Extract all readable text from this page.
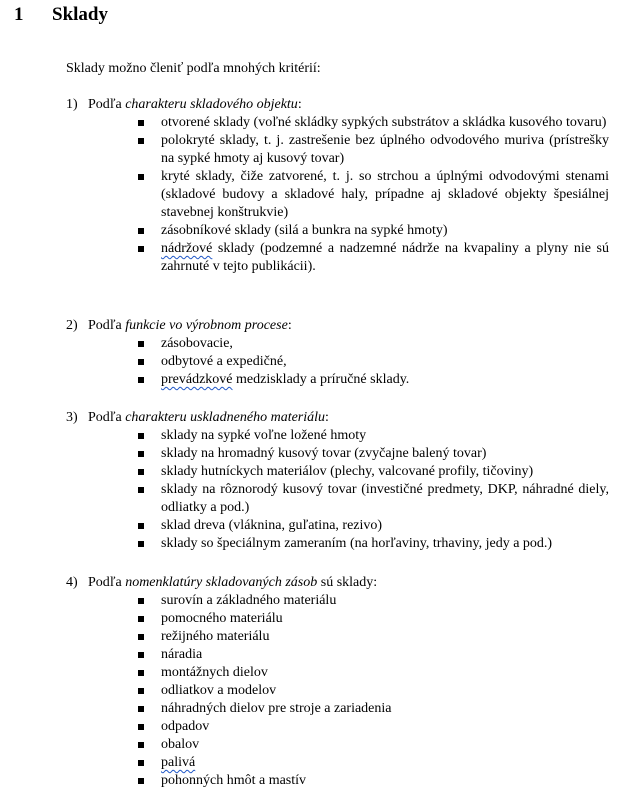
1 Sklady
Sklady možno členiť podľa mnohých kritérií:
1) Podľa charakteru skladového objektu:
otvorené sklady (voľné skládky sypkých substrátov a skládka kusového tovaru)
polokryté sklady, t. j. zastrešenie bez úplného odvodového muriva (prístrešky na sypké hmoty aj kusový tovar)
kryté sklady, čiže zatvorené, t. j. so strchou a úplnými odvodovými stenami (skladové budovy a skladové haly, prípadne aj skladové objekty špesiálnej stavebnej konštrukvie)
zásobníkové sklady (silá a bunkra na sypké hmoty)
nádržové sklady (podzemné a nadzemné nádrže na kvapaliny a plyny nie sú zahrnuté v tejto publikácii).
2) Podľa funkcie vo výrobnom procese:
zásobovacie,
odbytové a expedičné,
prevádzkové medzisklady a príručné sklady.
3) Podľa charakteru uskladneného materiálu:
sklady na sypké voľne ložené hmoty
sklady na hromadný kusový tovar (zvyčajne balený tovar)
sklady hutníckych materiálov (plechy, valcované profily, tičoviny)
sklady na rôznorodý kusový tovar (investičné predmety, DKP, náhradné diely, odliatky a pod.)
sklad dreva (vláknina, guľatina, rezivo)
sklady so špeciálnym zameraním (na horľaviny, trhaviny, jedy a pod.)
4) Podľa nomenklatúry skladovaných zásob sú sklady:
surovín a základného materiálu
pomocného materiálu
režijného materiálu
náradia
montážnych dielov
odliatkov a modelov
náhradných dielov pre stroje a zariadenia
odpadov
obalov
palivá
pohonných hmôt a mastív
